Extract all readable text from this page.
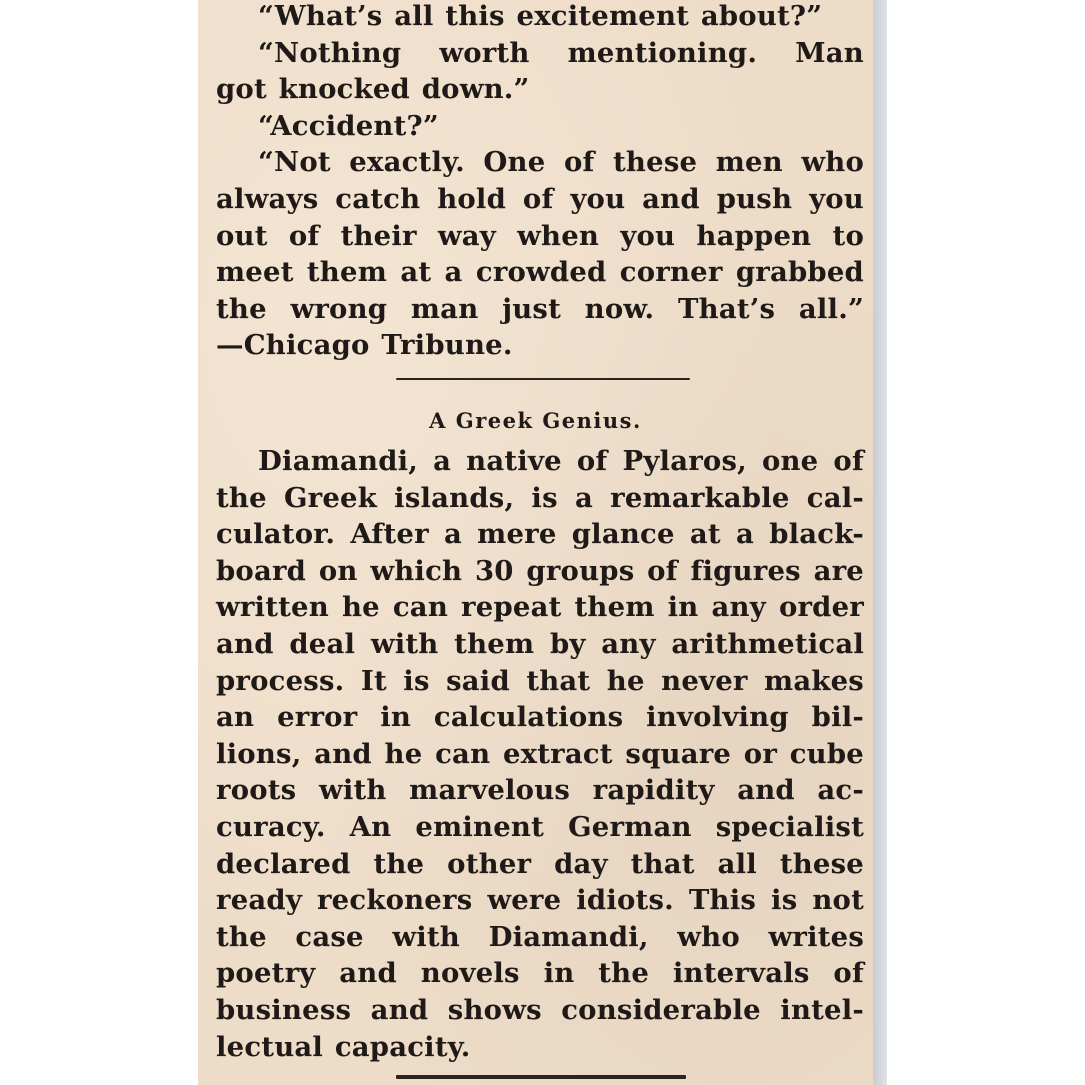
“What’s all this excitement about?”
“Nothing worth mentioning. Man
got knocked down.”
“Accident?”
“Not exactly. One of these men who
always catch hold of you and push you
out of their way when you happen to
meet them at a crowded corner grabbed
the wrong man just now. That’s all.”
—Chicago Tribune.
A Greek Genius.
Diamandi, a native of Pylaros, one of
the Greek islands, is a remarkable cal-
culator. After a mere glance at a black-
board on which 30 groups of figures are
written he can repeat them in any order
and deal with them by any arithmetical
process. It is said that he never makes
an error in calculations involving bil-
lions, and he can extract square or cube
roots with marvelous rapidity and ac-
curacy. An eminent German specialist
declared the other day that all these
ready reckoners were idiots. This is not
the case with Diamandi, who writes
poetry and novels in the intervals of
business and shows considerable intel-
lectual capacity.
